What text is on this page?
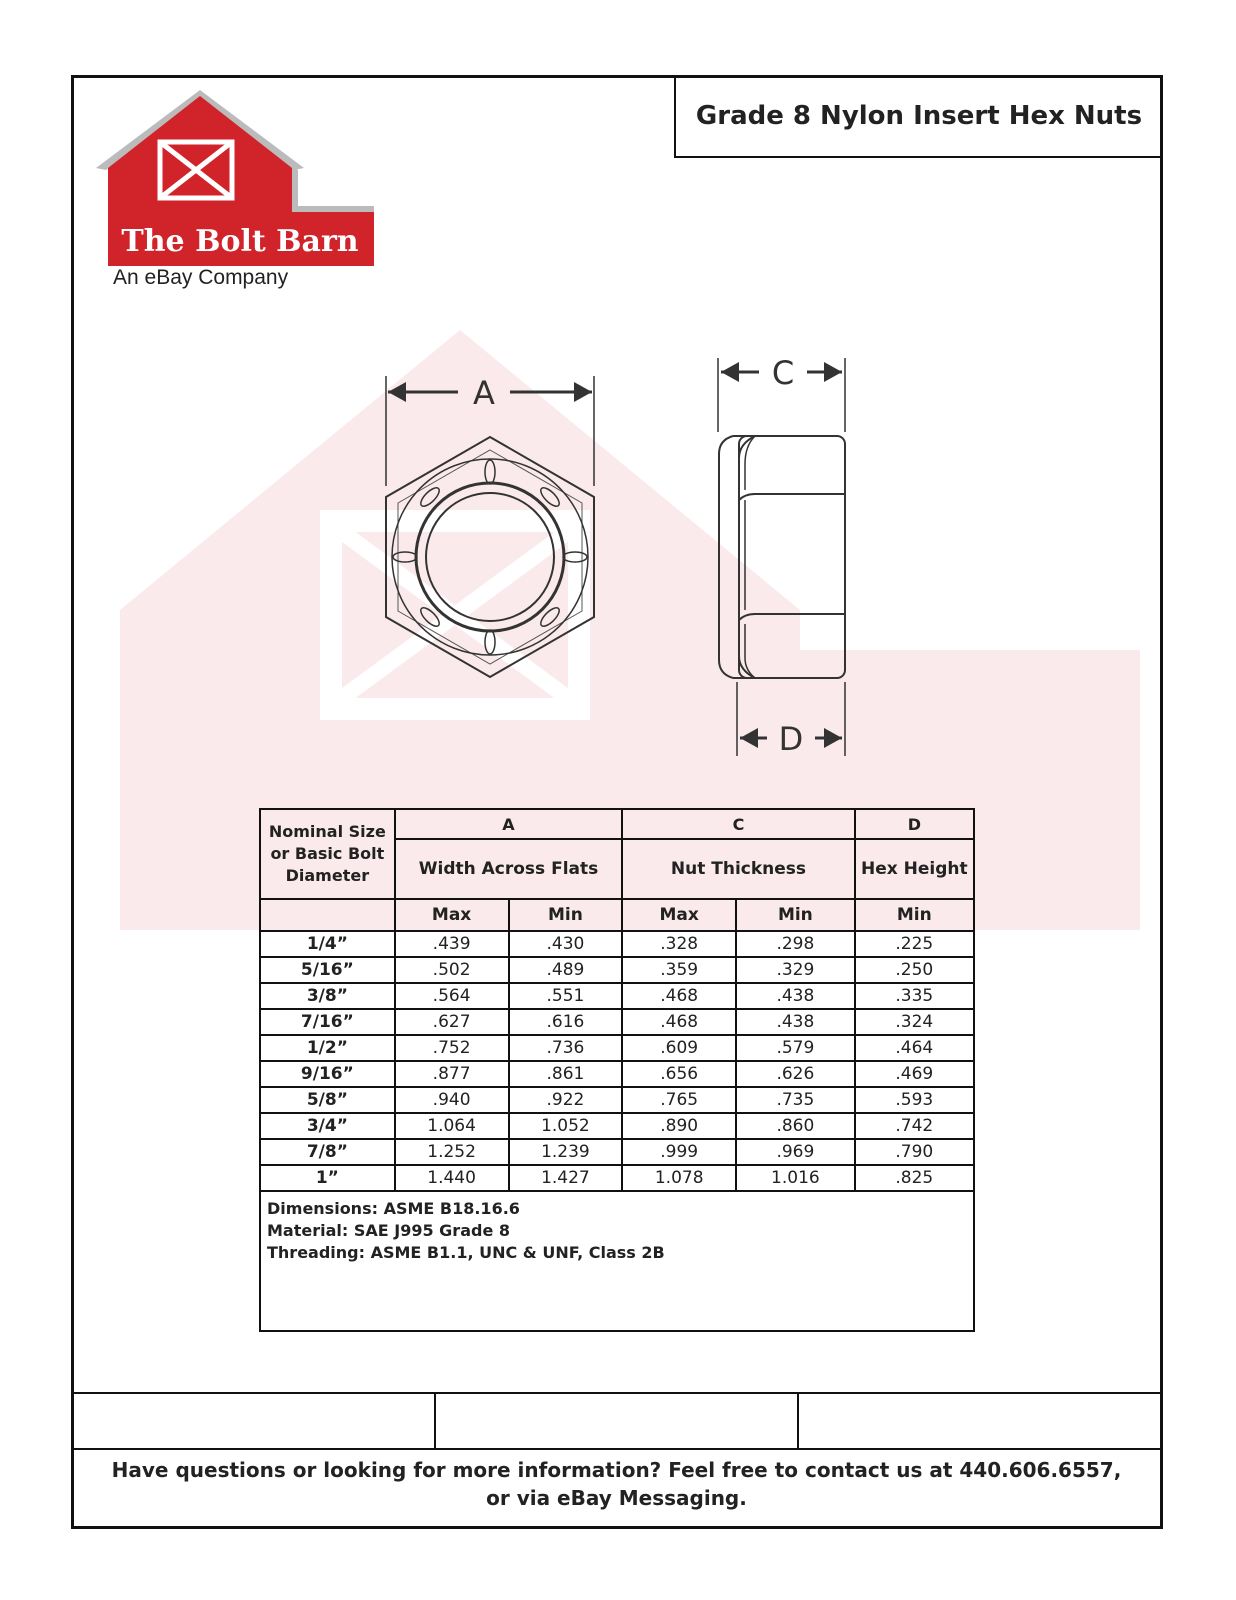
Grade 8 Nylon Insert Hex Nuts
The Bolt Barn
An eBay Company
A
C
D
Nominal Size or Basic Bolt Diameter	A		C		D
	Width Across Flats		Nut Thickness		Hex Height
	Max	Min	Max	Min	Min
1/4”	.439	.430	.328	.298	.225
5/16”	.502	.489	.359	.329	.250
3/8”	.564	.551	.468	.438	.335
7/16”	.627	.616	.468	.438	.324
1/2”	.752	.736	.609	.579	.464
9/16”	.877	.861	.656	.626	.469
5/8”	.940	.922	.765	.735	.593
3/4”	1.064	1.052	.890	.860	.742
7/8”	1.252	1.239	.999	.969	.790
1”	1.440	1.427	1.078	1.016	.825

Dimensions: ASME B18.16.6
Material: SAE J995 Grade 8
Threading: ASME B1.1, UNC & UNF, Class 2B					
Have questions or looking for more information? Feel free to contact us at 440.606.6557,
or via eBay Messaging.
